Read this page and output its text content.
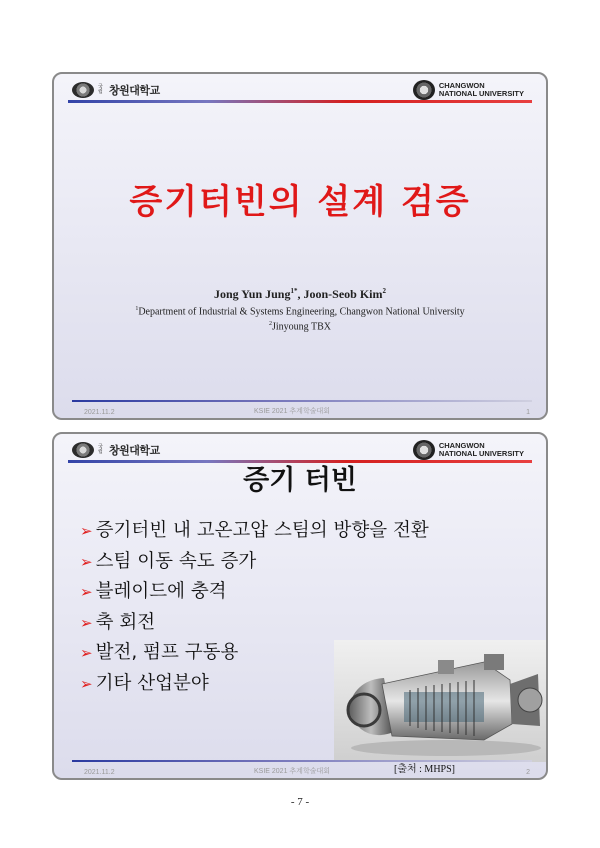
국립 창원대학교	CHANGWON
NATIONAL UNIVERSITY
증기터빈의 설계 검증
Jong Yun Jung$^{1*}$, Joon-Seob Kim$^2$
$^1$Department of Industrial & Systems Engineering, Changwon National University
$^2$Jinyoung TBX
2021.11.2	KSIE 2021 추계학술대회	1
국립 창원대학교	CHANGWON
NATIONAL UNIVERSITY
증기 터빈
➢ 증기터빈 내 고온고압 스팀의 방향을 전환
➢ 스팀 이동 속도 증가
➢ 블레이드에 충격
➢ 축 회전
➢ 발전, 펌프 구동용
➢ 기타 산업분야
[출처 : MHPS]
2021.11.2	KSIE 2021 추계학술대회	2
- 7 -
